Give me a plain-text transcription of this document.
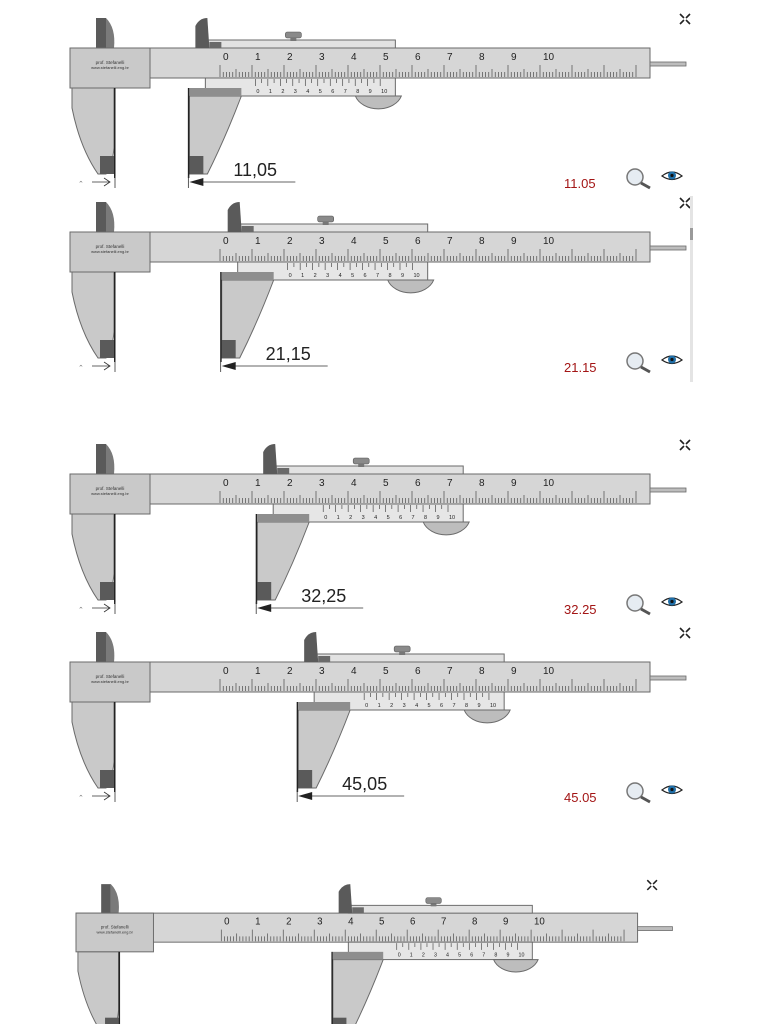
prof. Stefanelli
www.stefanelli.eng.br
0	1	2	3	4	5	6	7	8	9	10
0 1 2 3 4 5 6 7 8 9 10
11,05
⌃	11.05
prof. Stefanelli
www.stefanelli.eng.br
0	1	2	3	4	5	6	7	8	9	10
0 1 2 3 4 5 6 7 8 9 10
21,15
⌃	21.15
prof. Stefanelli
www.stefanelli.eng.br
0	1	2	3	4	5	6	7	8	9	10
0 1 2 3 4 5 6 7 8 9 10
32,25
⌃	32.25
prof. Stefanelli
www.stefanelli.eng.br
0	1	2	3	4	5	6	7	8	9	10
0 1 2 3 4 5 6 7 8 9 10
45,05
⌃	45.05
prof. Stefanelli
www.stefanelli.eng.br
0	1	2	3	4	5	6	7	8	9	10
0 1 2 3 4 5 6 7 8 9 10
